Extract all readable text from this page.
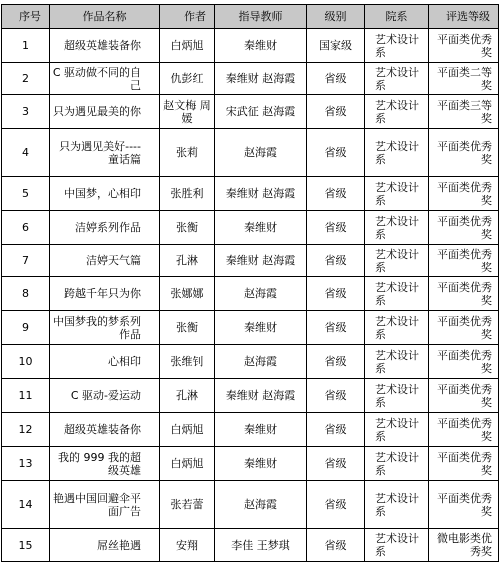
序号	作品名称	作者	指导教师	级别	院系	评选等级
1	超级英雄装备你	白炳旭	秦维财	国家级	艺术设计系	平面类优秀奖
2	C 驱动做不同的自己	仇彭红	秦维财 赵海霞	省级	艺术设计系	平面类二等奖
3	只为遇见最美的你	赵文梅 周媛	宋武征 赵海霞	省级	艺术设计系	平面类三等奖
4	只为遇见美好----童话篇	张莉	赵海霞	省级	艺术设计系	平面类优秀奖
5	中国梦，心相印	张胜利	秦维财 赵海霞	省级	艺术设计系	平面类优秀奖
6	洁婷系列作品	张衡	秦维财	省级	艺术设计系	平面类优秀奖
7	洁婷天气篇	孔淋	秦维财 赵海霞	省级	艺术设计系	平面类优秀奖
8	跨越千年只为你	张娜娜	赵海霞	省级	艺术设计系	平面类优秀奖
9	中国梦我的梦系列作品	张衡	秦维财	省级	艺术设计系	平面类优秀奖
10	心相印	张维钊	赵海霞	省级	艺术设计系	平面类优秀奖
11	C 驱动-爱运动	孔淋	秦维财 赵海霞	省级	艺术设计系	平面类优秀奖
12	超级英雄装备你	白炳旭	秦维财	省级	艺术设计系	平面类优秀奖
13	我的 999 我的超级英雄	白炳旭	秦维财	省级	艺术设计系	平面类优秀奖
14	艳遇中国回避伞平面广告	张若蕾	赵海霞	省级	艺术设计系	平面类优秀奖
15	屌丝艳遇	安翔	李佳 王梦琪	省级	艺术设计系	微电影类优秀奖
